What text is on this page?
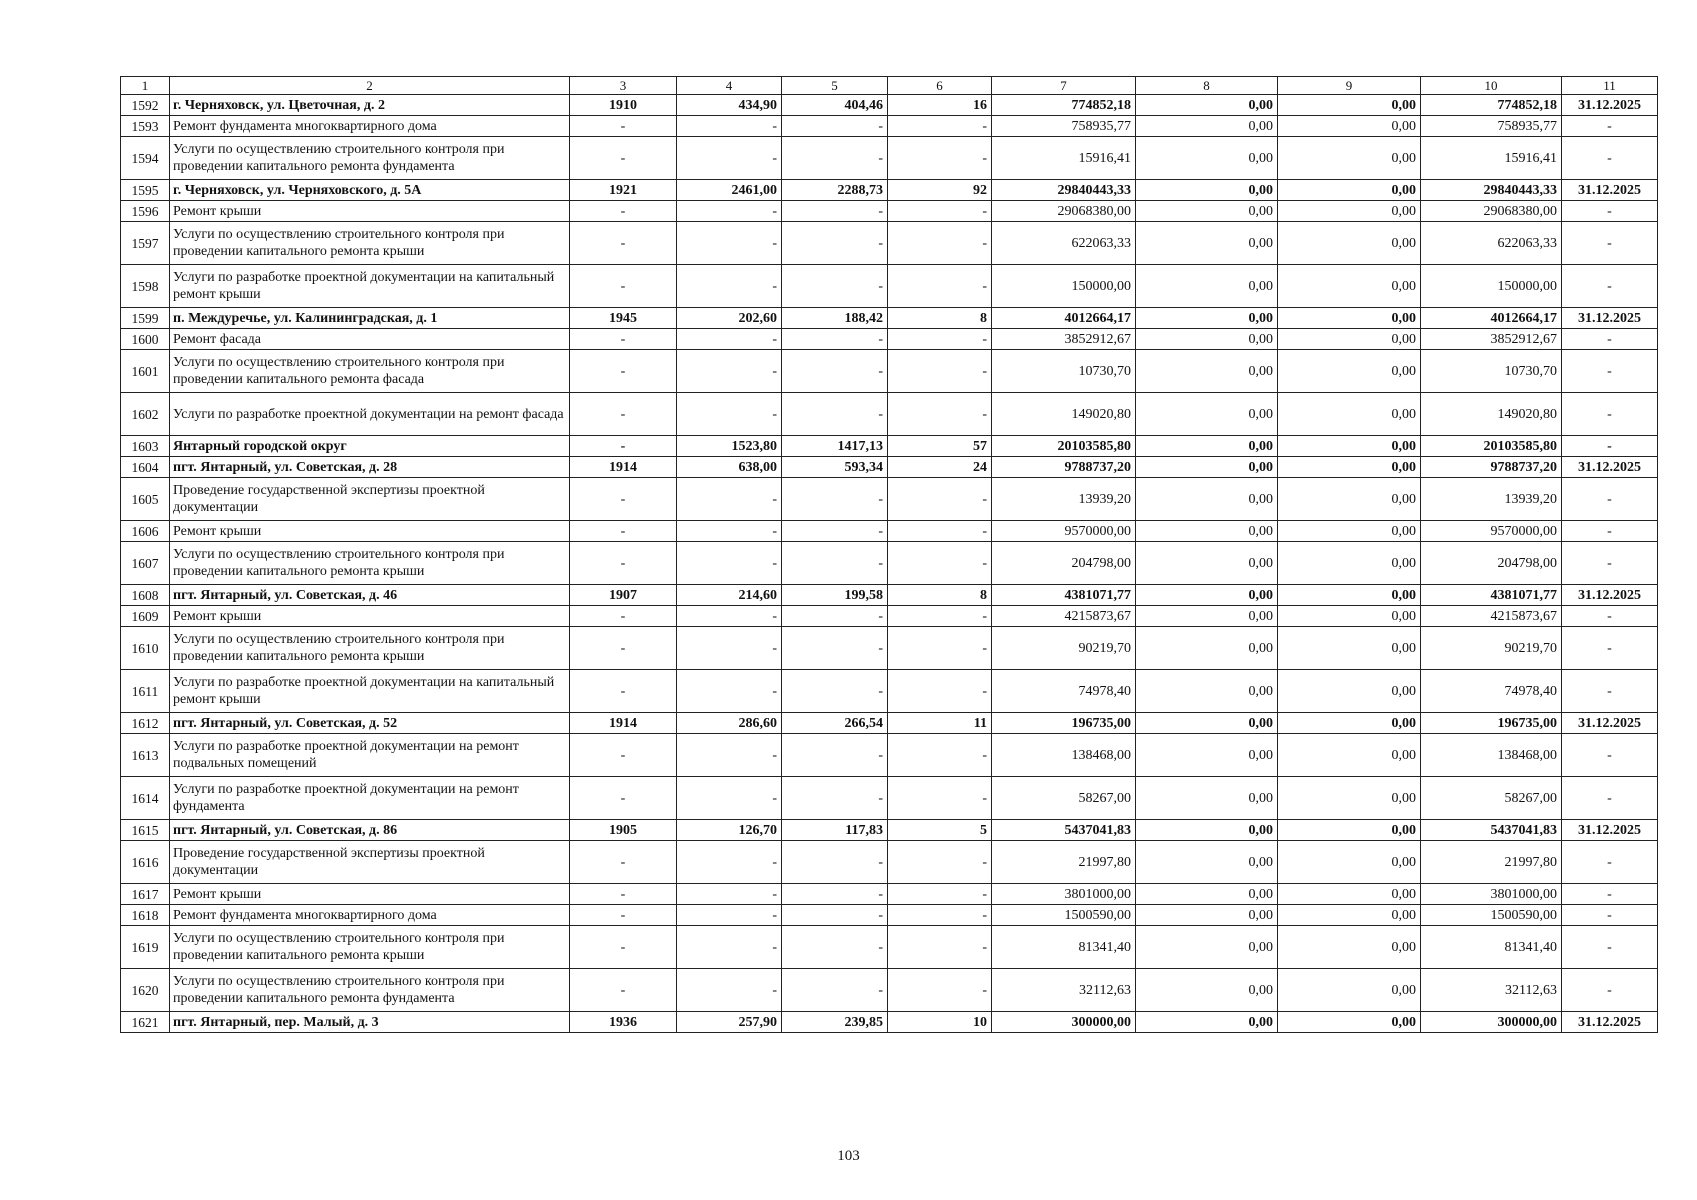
1	2	3	4	5	6	7	8	9	10	11
1592	г. Черняховск, ул. Цветочная, д. 2	1910	434,90	404,46	16	774852,18	0,00	0,00	774852,18	31.12.2025
1593	Ремонт фундамента многоквартирного дома	-	-	-	-	758935,77	0,00	0,00	758935,77	-
1594	Услуги по осуществлению строительного контроля при проведении капитального ремонта фундамента	-	-	-	-	15916,41	0,00	0,00	15916,41	-
1595	г. Черняховск, ул. Черняховского, д. 5А	1921	2461,00	2288,73	92	29840443,33	0,00	0,00	29840443,33	31.12.2025
1596	Ремонт крыши	-	-	-	-	29068380,00	0,00	0,00	29068380,00	-
1597	Услуги по осуществлению строительного контроля при проведении капитального ремонта крыши	-	-	-	-	622063,33	0,00	0,00	622063,33	-
1598	Услуги по разработке проектной документации на капитальный ремонт крыши	-	-	-	-	150000,00	0,00	0,00	150000,00	-
1599	п. Междуречье, ул. Калининградская, д. 1	1945	202,60	188,42	8	4012664,17	0,00	0,00	4012664,17	31.12.2025
1600	Ремонт фасада	-	-	-	-	3852912,67	0,00	0,00	3852912,67	-
1601	Услуги по осуществлению строительного контроля при проведении капитального ремонта фасада	-	-	-	-	10730,70	0,00	0,00	10730,70	-
1602	Услуги по разработке проектной документации на ремонт фасада	-	-	-	-	149020,80	0,00	0,00	149020,80	-
1603	Янтарный городской округ	-	1523,80	1417,13	57	20103585,80	0,00	0,00	20103585,80	-
1604	пгт. Янтарный, ул. Советская, д. 28	1914	638,00	593,34	24	9788737,20	0,00	0,00	9788737,20	31.12.2025
1605	Проведение государственной экспертизы проектной документации	-	-	-	-	13939,20	0,00	0,00	13939,20	-
1606	Ремонт крыши	-	-	-	-	9570000,00	0,00	0,00	9570000,00	-
1607	Услуги по осуществлению строительного контроля при проведении капитального ремонта крыши	-	-	-	-	204798,00	0,00	0,00	204798,00	-
1608	пгт. Янтарный, ул. Советская, д. 46	1907	214,60	199,58	8	4381071,77	0,00	0,00	4381071,77	31.12.2025
1609	Ремонт крыши	-	-	-	-	4215873,67	0,00	0,00	4215873,67	-
1610	Услуги по осуществлению строительного контроля при проведении капитального ремонта крыши	-	-	-	-	90219,70	0,00	0,00	90219,70	-
1611	Услуги по разработке проектной документации на капитальный ремонт крыши	-	-	-	-	74978,40	0,00	0,00	74978,40	-
1612	пгт. Янтарный, ул. Советская, д. 52	1914	286,60	266,54	11	196735,00	0,00	0,00	196735,00	31.12.2025
1613	Услуги по разработке проектной документации на ремонт подвальных помещений	-	-	-	-	138468,00	0,00	0,00	138468,00	-
1614	Услуги по разработке проектной документации на ремонт фундамента	-	-	-	-	58267,00	0,00	0,00	58267,00	-
1615	пгт. Янтарный, ул. Советская, д. 86	1905	126,70	117,83	5	5437041,83	0,00	0,00	5437041,83	31.12.2025
1616	Проведение государственной экспертизы проектной документации	-	-	-	-	21997,80	0,00	0,00	21997,80	-
1617	Ремонт крыши	-	-	-	-	3801000,00	0,00	0,00	3801000,00	-
1618	Ремонт фундамента многоквартирного дома	-	-	-	-	1500590,00	0,00	0,00	1500590,00	-
1619	Услуги по осуществлению строительного контроля при проведении капитального ремонта крыши	-	-	-	-	81341,40	0,00	0,00	81341,40	-
1620	Услуги по осуществлению строительного контроля при проведении капитального ремонта фундамента	-	-	-	-	32112,63	0,00	0,00	32112,63	-
1621	пгт. Янтарный, пер. Малый, д. 3	1936	257,90	239,85	10	300000,00	0,00	0,00	300000,00	31.12.2025
103
